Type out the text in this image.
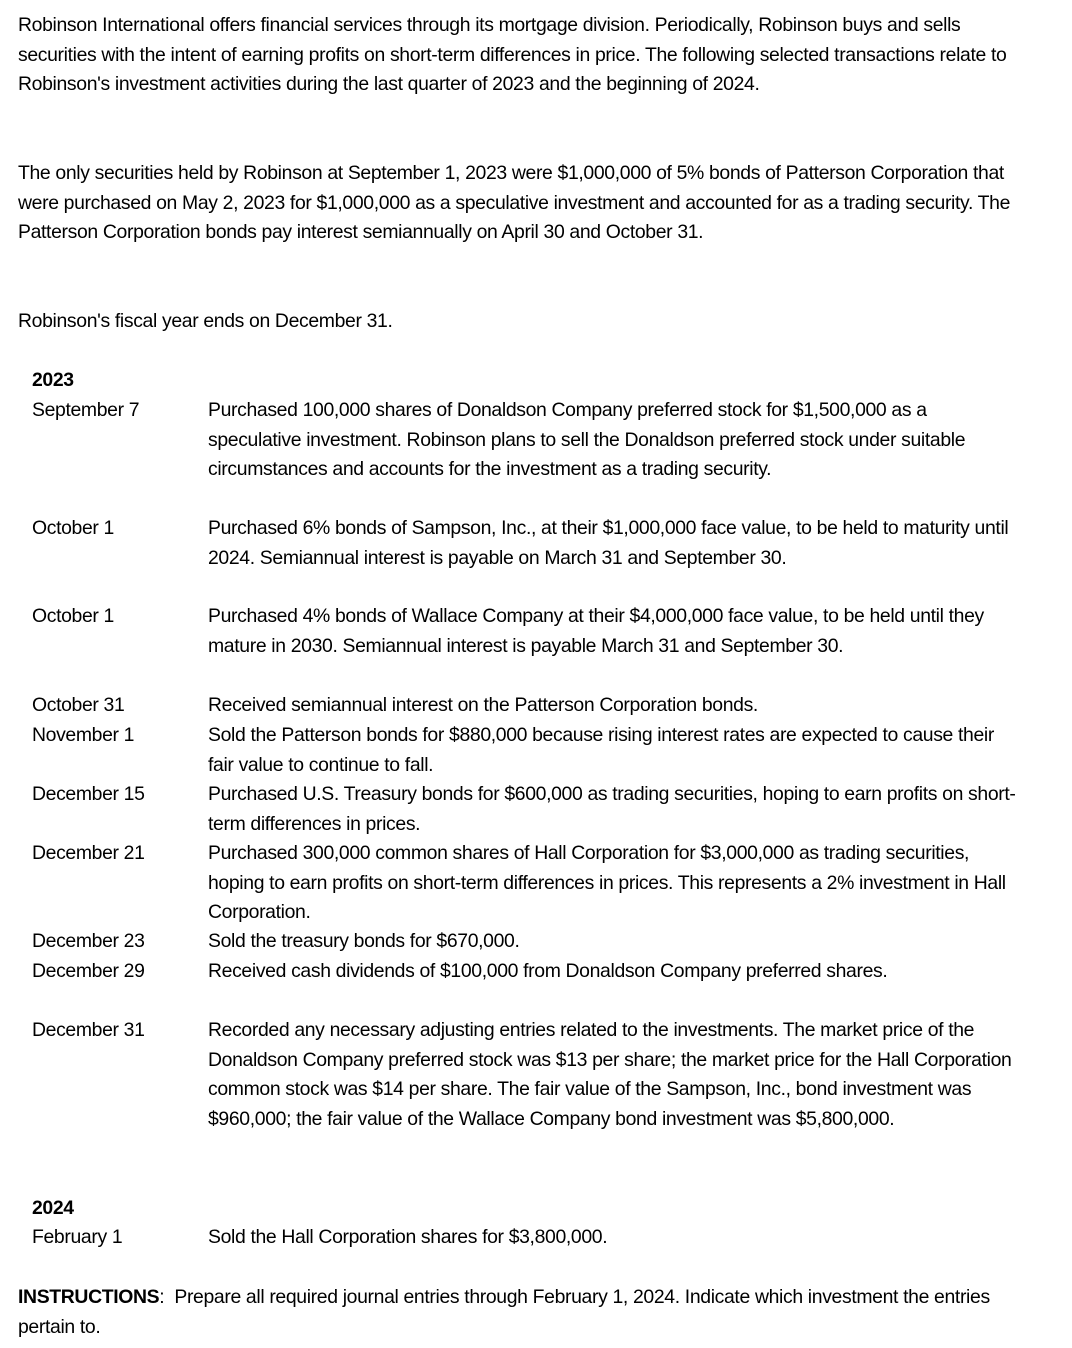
Robinson International offers financial services through its mortgage division. Periodically, Robinson buys and sells securities with the intent of earning profits on short-term differences in price. The following selected transactions relate to Robinson's investment activities during the last quarter of 2023 and the beginning of 2024.

The only securities held by Robinson at September 1, 2023 were $1,000,000 of 5% bonds of Patterson Corporation that were purchased on May 2, 2023 for $1,000,000 as a speculative investment and accounted for as a trading security. The Patterson Corporation bonds pay interest semiannually on April 30 and October 31.

Robinson's fiscal year ends on December 31.

2023

September 7	Purchased 100,000 shares of Donaldson Company preferred stock for $1,500,000 as a speculative investment. Robinson plans to sell the Donaldson preferred stock under suitable circumstances and accounts for the investment as a trading security.
October 1	Purchased 6% bonds of Sampson, Inc., at their $1,000,000 face value, to be held to maturity until 2024. Semiannual interest is payable on March 31 and September 30.
October 1	Purchased 4% bonds of Wallace Company at their $4,000,000 face value, to be held until they mature in 2030. Semiannual interest is payable March 31 and September 30.
October 31	Received semiannual interest on the Patterson Corporation bonds.
November 1	Sold the Patterson bonds for $880,000 because rising interest rates are expected to cause their fair value to continue to fall.
December 15	Purchased U.S. Treasury bonds for $600,000 as trading securities, hoping to earn profits on short-term differences in prices.
December 21	Purchased 300,000 common shares of Hall Corporation for $3,000,000 as trading securities, hoping to earn profits on short-term differences in prices. This represents a 2% investment in Hall Corporation.
December 23	Sold the treasury bonds for $670,000.
December 29	Received cash dividends of $100,000 from Donaldson Company preferred shares.
December 31	Recorded any necessary adjusting entries related to the investments. The market price of the Donaldson Company preferred stock was $13 per share; the market price for the Hall Corporation common stock was $14 per share. The fair value of the Sampson, Inc., bond investment was $960,000; the fair value of the Wallace Company bond investment was $5,800,000.

2024

February 1	Sold the Hall Corporation shares for $3,800,000.

INSTRUCTIONS:  Prepare all required journal entries through February 1, 2024. Indicate which investment the entries pertain to.
